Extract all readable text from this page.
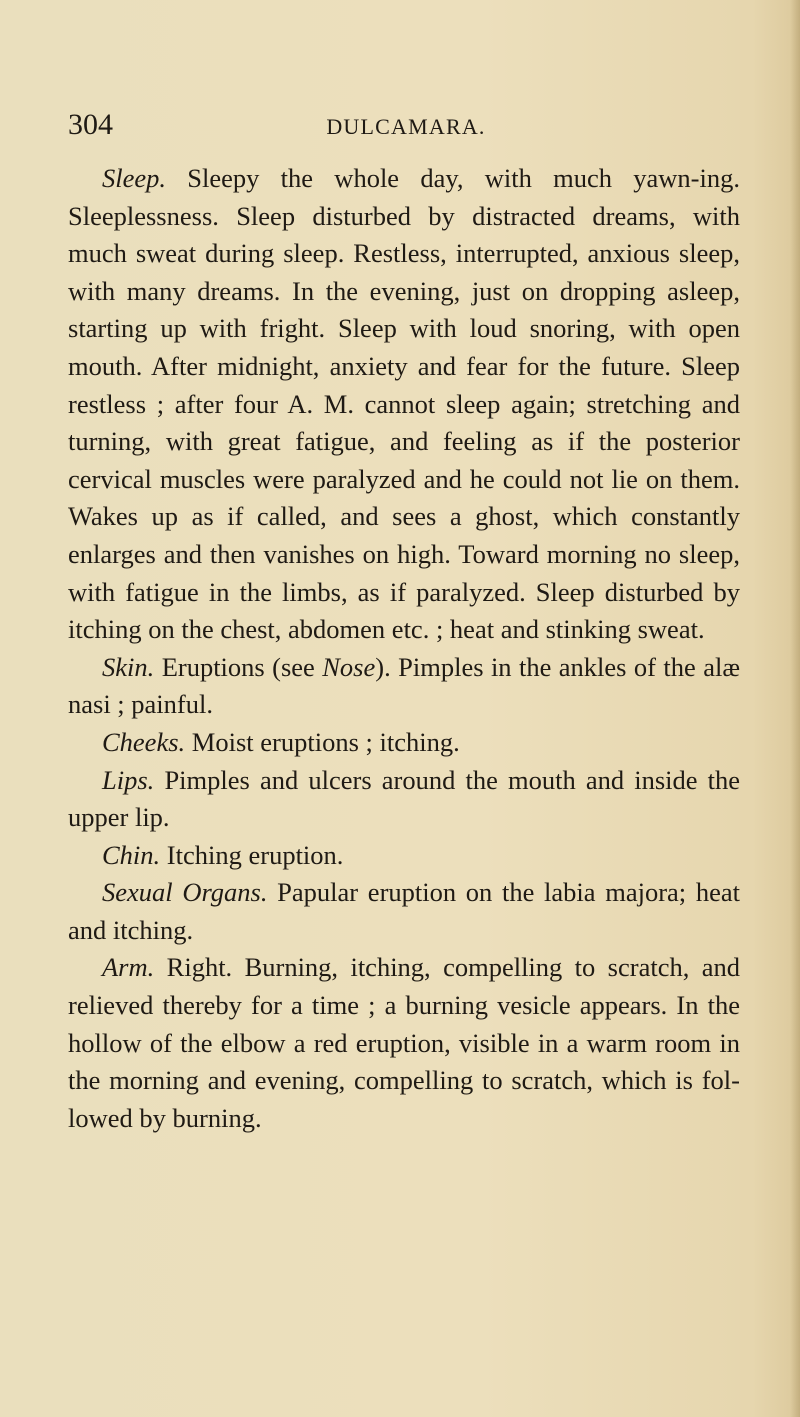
304	DULCAMARA.

Sleep. Sleepy the whole day, with much yawn-ing. Sleeplessness. Sleep disturbed by distracted dreams, with much sweat during sleep. Restless, interrupted, anxious sleep, with many dreams. In the evening, just on dropping asleep, starting up with fright. Sleep with loud snoring, with open mouth. After midnight, anxiety and fear for the future. Sleep restless ; after four A. M. cannot sleep again; stretching and turning, with great fatigue, and feeling as if the posterior cervical muscles were paralyzed and he could not lie on them. Wakes up as if called, and sees a ghost, which constantly enlarges and then vanishes on high. Toward morning no sleep, with fatigue in the limbs, as if paralyzed. Sleep disturbed by itching on the chest, abdomen etc. ; heat and stinking sweat.

Skin. Eruptions (see Nose). Pimples in the ankles of the alæ nasi ; painful.

Cheeks. Moist eruptions ; itching.

Lips. Pimples and ulcers around the mouth and inside the upper lip.

Chin. Itching eruption.

Sexual Organs. Papular eruption on the labia majora; heat and itching.

Arm. Right. Burning, itching, compelling to scratch, and relieved thereby for a time ; a burning vesicle appears. In the hollow of the elbow a red eruption, visible in a warm room in the morning and evening, compelling to scratch, which is fol-lowed by burning.
